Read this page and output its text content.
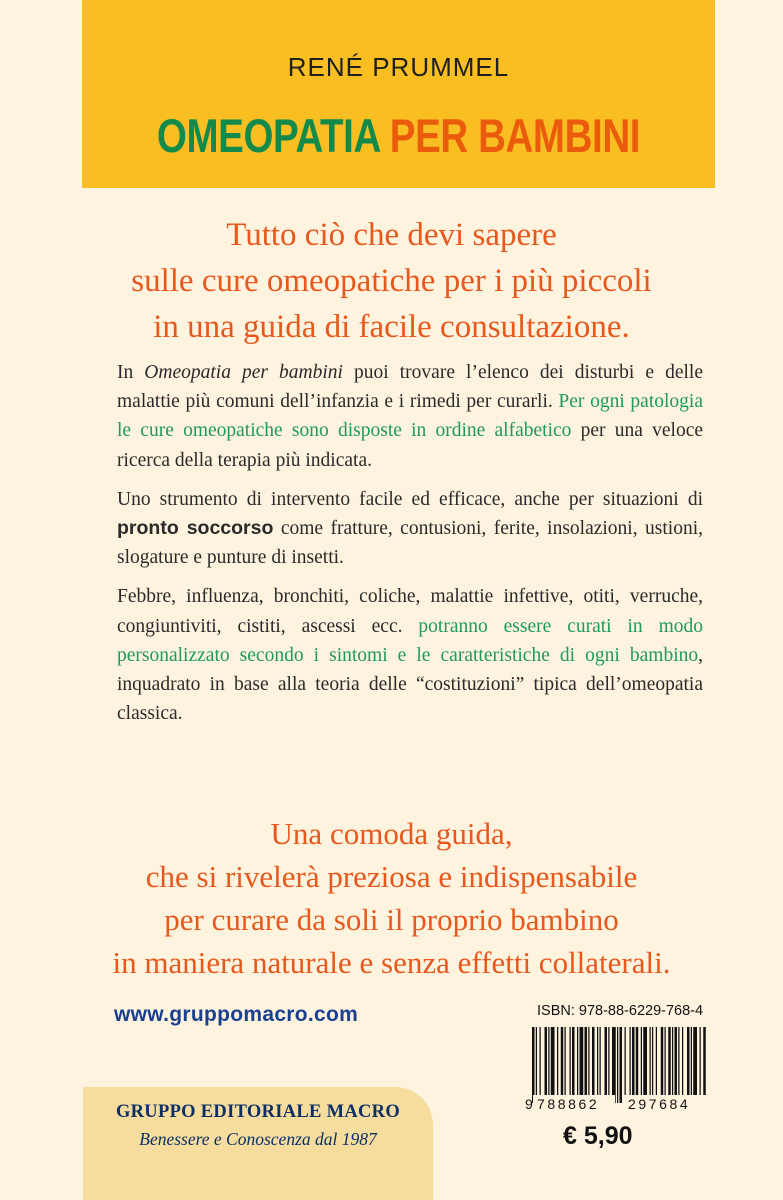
RENÉ PRUMMEL
OMEOPATIA PER BAMBINI
Tutto ciò che devi sapere
sulle cure omeopatiche per i più piccoli
in una guida di facile consultazione.

In Omeopatia per bambini puoi trovare l’elenco dei disturbi e delle malattie più comuni dell’infanzia e i rimedi per curarli. Per ogni patologia le cure omeopatiche sono disposte in ordine alfabetico per una veloce ricerca della terapia più indicata.

Uno strumento di intervento facile ed efficace, anche per situazioni di pronto soccorso come fratture, contusioni, ferite, insolazioni, ustioni, slogature e punture di insetti.

Febbre, influenza, bronchiti, coliche, malattie infettive, otiti, verruche, congiuntiviti, cistiti, ascessi ecc. potranno essere curati in modo personalizzato secondo i sintomi e le caratteristiche di ogni bambino, inquadrato in base alla teoria delle “costituzioni” tipica dell’omeopatia classica.

Una comoda guida,
che si rivelerà preziosa e indispensabile
per curare da soli il proprio bambino
in maniera naturale e senza effetti collaterali.
www.gruppomacro.com	ISBN: 978-88-6229-768-4
9 788862 297684
€ 5,90
GRUPPO EDITORIALE MACRO
Benessere e Conoscenza dal 1987
